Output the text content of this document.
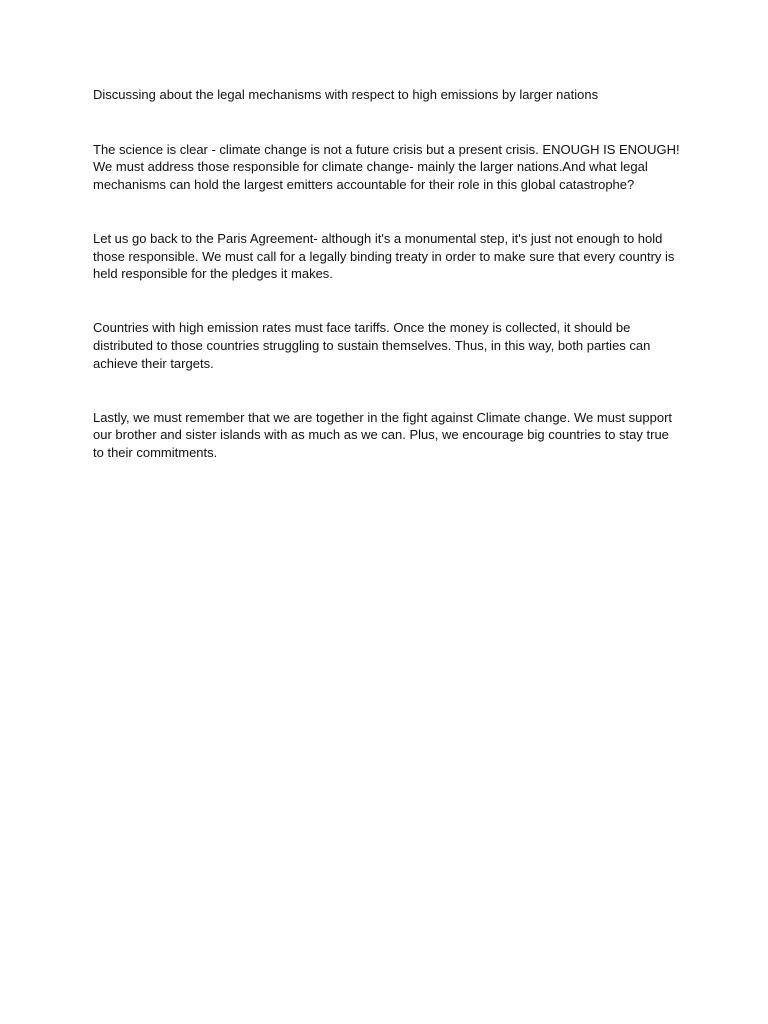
Discussing about the legal mechanisms with respect to high emissions by larger nations

The science is clear - climate change is not a future crisis but a present crisis. ENOUGH IS ENOUGH! We must address those responsible for climate change- mainly the larger nations.And what legal mechanisms can hold the largest emitters accountable for their role in this global catastrophe?

Let us go back to the Paris Agreement- although it's a monumental step, it's just not enough to hold those responsible. We must call for a legally binding treaty in order to make sure that every country is held responsible for the pledges it makes.

Countries with high emission rates must face tariffs. Once the money is collected, it should be distributed to those countries struggling to sustain themselves. Thus, in this way, both parties can achieve their targets.

Lastly, we must remember that we are together in the fight against Climate change. We must support our brother and sister islands with as much as we can. Plus, we encourage big countries to stay true to their commitments.
